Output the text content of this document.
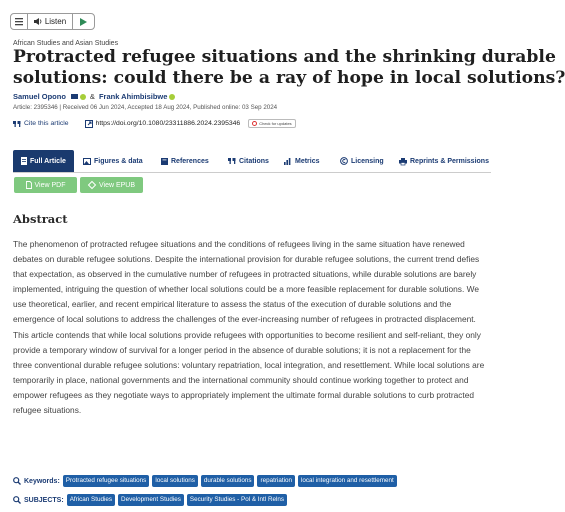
Listen
African Studies and Asian Studies
Protracted refugee situations and the shrinking durable
solutions: could there be a ray of hope in local solutions?
Samuel Opono	& Frank Ahimbisibwe
Article: 2395346 | Received 06 Jun 2024, Accepted 18 Aug 2024, Published online: 03 Sep 2024
Cite this article	https://doi.org/10.1080/23311886.2024.2395346	Check for updates
Full Article	Figures & data	References	Citations	Metrics	Licensing	Reprints & Permissions
View PDF	View EPUB
Abstract

The phenomenon of protracted refugee situations and the conditions of refugees living in the same situation have renewed debates on durable refugee solutions. Despite the international provision for durable refugee solutions, the current trend defies that expectation, as observed in the cumulative number of refugees in protracted situations, while durable solutions are barely implemented, intriguing the question of whether local solutions could be a more feasible replacement for durable solutions. We use theoretical, earlier, and recent empirical literature to assess the status of the execution of durable solutions and the emergence of local solutions to address the challenges of the ever-increasing number of refugees in protracted displacement. This article contends that while local solutions provide refugees with opportunities to become resilient and self-reliant, they only provide a temporary window of survival for a longer period in the absence of durable solutions; it is not a replacement for the three conventional durable refugee solutions: voluntary repatriation, local integration, and resettlement. While local solutions are temporarily in place, national governments and the international community should continue working together to protect and empower refugees as they negotiate ways to appropriately implement the ultimate formal durable solutions to curb protracted refugee situations.

Keywords: Protracted refugee situations	local solutions	durable solutions	repatriation	local integration and resettlement
SUBJECTS: African Studies	Development Studies	Security Studies - Pol & Intl Relns
